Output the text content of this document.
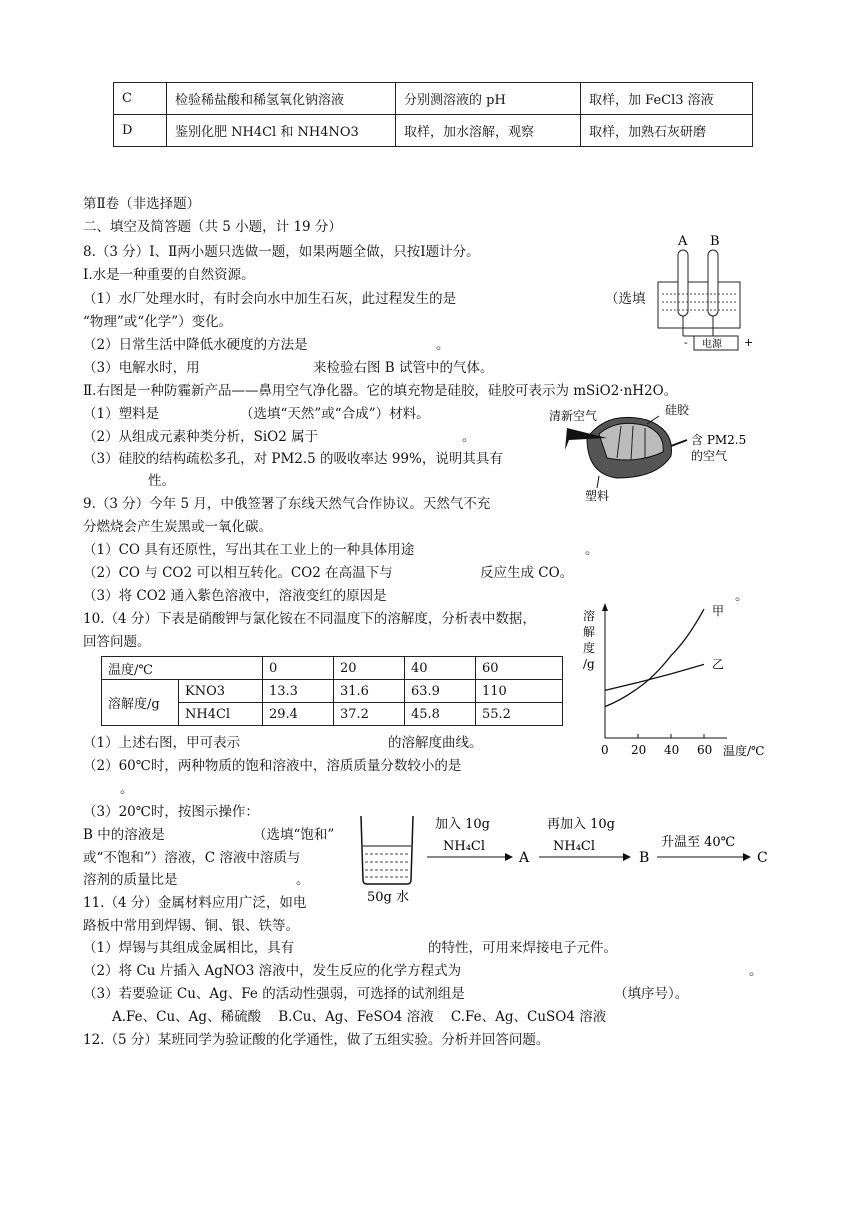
C	检验稀盐酸和稀氢氧化钠溶液	分别测溶液的 pH	取样，加 FeCl3 溶液
D	鉴别化肥 NH4Cl 和 NH4NO3	取样，加水溶解，观察	取样，加熟石灰研磨
第Ⅱ卷（非选择题）
二、填空及简答题（共 5 小题，计 19 分）
8.（3 分）Ⅰ、Ⅱ两小题只选做一题，如果两题全做，只按Ⅰ题计分。
Ⅰ.水是一种重要的自然资源。
（1）水厂处理水时，有时会向水中加生石灰，此过程发生的是	（选填
“物理”或“化学”）变化。
（2）日常生活中降低水硬度的方法是	。
（3）电解水时，用	来检验右图 B 试管中的气体。
Ⅱ.右图是一种防霾新产品——鼻用空气净化器。它的填充物是硅胶，硅胶可表示为 mSiO2·nH2O。
（1）塑料是	（选填“天然”或“合成”）材料。
（2）从组成元素种类分析，SiO2 属于	。
（3）硅胶的结构疏松多孔，对 PM2.5 的吸收率达 99%，说明其具有
性。
A B
电源
-	+
清新空气	硅胶
含 PM2.5
的空气
塑料
9.（3 分）今年 5 月，中俄签署了东线天然气合作协议。天然气不充
分燃烧会产生炭黑或一氧化碳。
（1）CO 具有还原性，写出其在工业上的一种具体用途	。
（2）CO 与 CO2 可以相互转化。CO2 在高温下与	反应生成 CO。
（3）将 CO2 通入紫色溶液中，溶液变红的原因是	。
10.（4 分）下表是硝酸钾与氯化铵在不同温度下的溶解度，分析表中数据，
回答问题。
温度/℃		0	20	40	60
溶解度/g	KNO3	13.3	31.6	63.9	110
	NH4Cl	29.4	37.2	45.8	55.2
（1）上述右图，甲可表示	的溶解度曲线。
（2）60℃时，两种物质的饱和溶液中，溶质质量分数较小的是
。
（3）20℃时，按图示操作：
B 中的溶液是	（选填“饱和”
或“不饱和”）溶液，C 溶液中溶质与
溶剂的质量比是	。
溶
解
度
/g
温度/℃
0 20 40 60
甲
乙
50g 水
加入 10g
NH₄Cl
A
再加入 10g
NH₄Cl
B
升温至 40℃
C
11.（4 分）金属材料应用广泛，如电
路板中常用到焊锡、铜、银、铁等。
（1）焊锡与其组成金属相比，具有	的特性，可用来焊接电子元件。
（2）将 Cu 片插入 AgNO3 溶液中，发生反应的化学方程式为	。
（3）若要验证 Cu、Ag、Fe 的活动性强弱，可选择的试剂组是	（填序号）。
A.Fe、Cu、Ag、稀硫酸    B.Cu、Ag、FeSO4 溶液    C.Fe、Ag、CuSO4 溶液
12.（5 分）某班同学为验证酸的化学通性，做了五组实验。分析并回答问题。
